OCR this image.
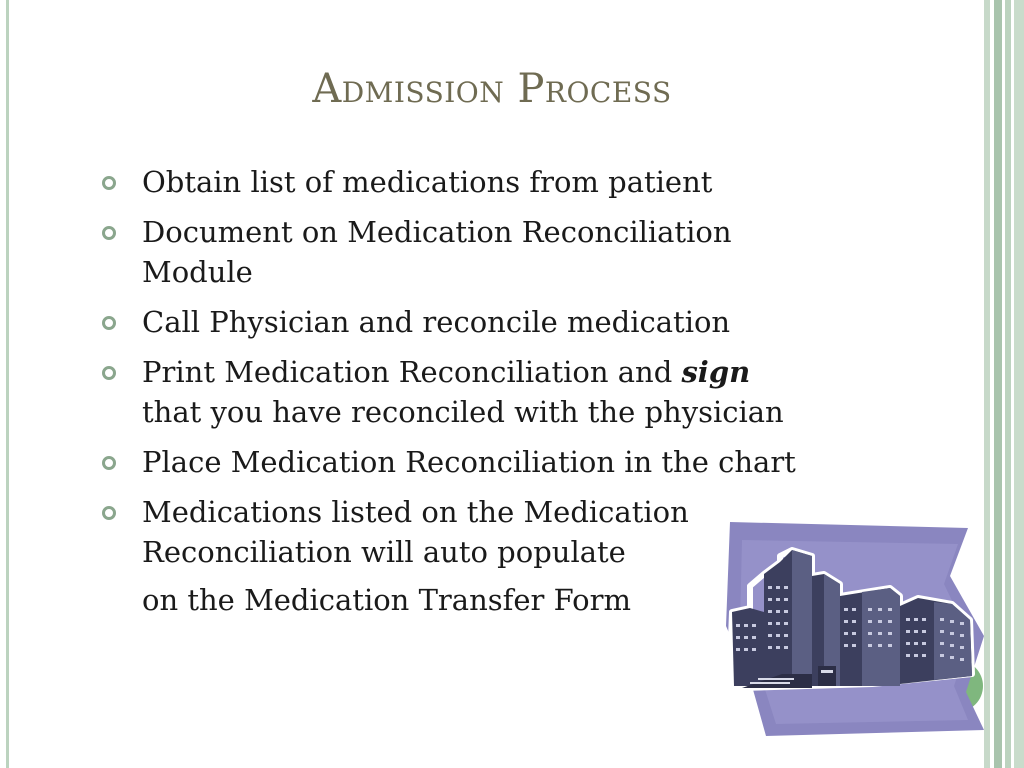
Admission Process
Obtain list of medications from patient
Document on Medication Reconciliation
Module
Call Physician and reconcile medication
Print Medication Reconciliation and sign
that you have reconciled with the physician
Place Medication Reconciliation in the chart
Medications listed on the Medication
Reconciliation will auto populate
on the Medication Transfer Form
